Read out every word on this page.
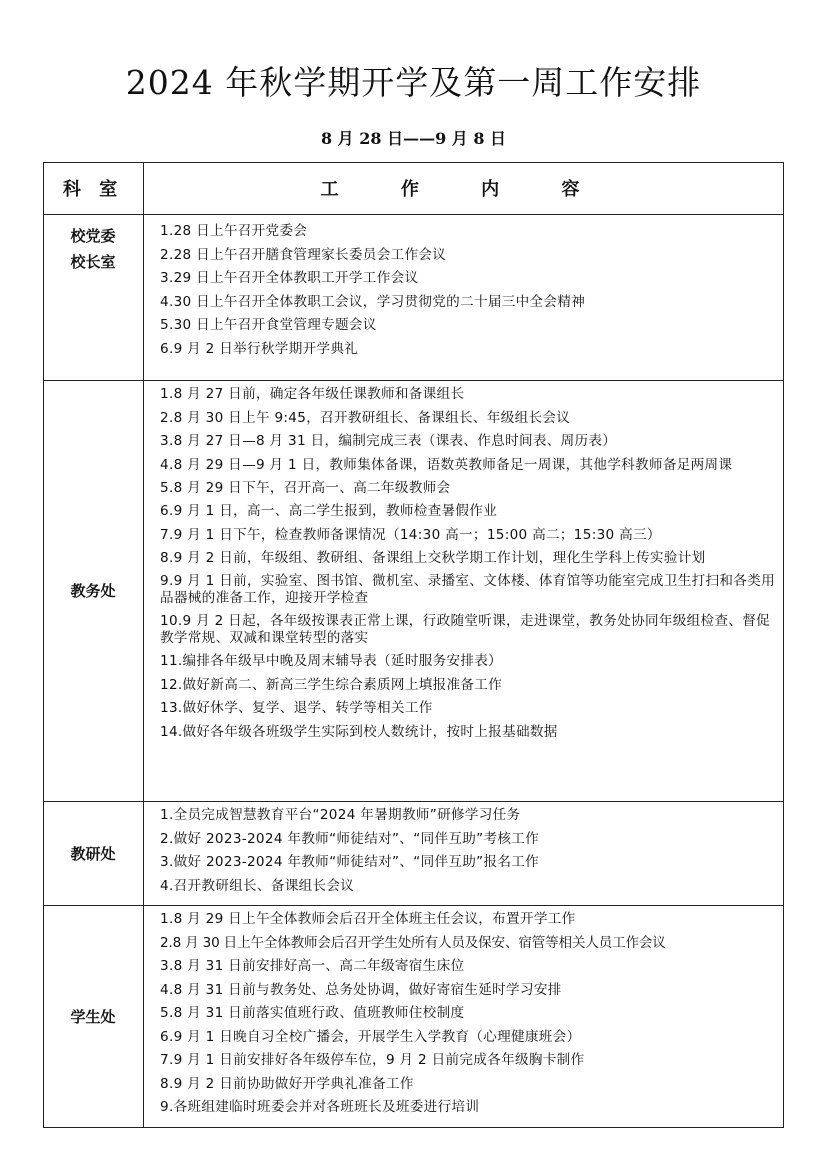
2024 年秋学期开学及第一周工作安排
8 月 28 日——9 月 8 日
科 室	工 作 内 容
校党委
校长室
1.28 日上午召开党委会
2.28 日上午召开膳食管理家长委员会工作会议
3.29 日上午召开全体教职工开学工作会议
4.30 日上午召开全体教职工会议，学习贯彻党的二十届三中全会精神
5.30 日上午召开食堂管理专题会议
6.9 月 2 日举行秋学期开学典礼
教务处
1.8 月 27 日前，确定各年级任课教师和备课组长
2.8 月 30 日上午 9:45，召开教研组长、备课组长、年级组长会议
3.8 月 27 日—8 月 31 日，编制完成三表（课表、作息时间表、周历表）
4.8 月 29 日—9 月 1 日，教师集体备课，语数英教师备足一周课，其他学科教师备足两周课
5.8 月 29 日下午，召开高一、高二年级教师会
6.9 月 1 日，高一、高二学生报到，教师检查暑假作业
7.9 月 1 日下午，检查教师备课情况（14:30 高一；15:00 高二；15:30 高三）
8.9 月 2 日前，年级组、教研组、备课组上交秋学期工作计划，理化生学科上传实验计划
9.9 月 1 日前，实验室、图书馆、微机室、录播室、文体楼、体育馆等功能室完成卫生打扫和各类用品器械的准备工作，迎接开学检查
10.9 月 2 日起，各年级按课表正常上课，行政随堂听课，走进课堂，教务处协同年级组检查、督促教学常规、双减和课堂转型的落实
11.编排各年级早中晚及周末辅导表（延时服务安排表）
12.做好新高二、新高三学生综合素质网上填报准备工作
13.做好休学、复学、退学、转学等相关工作
14.做好各年级各班级学生实际到校人数统计，按时上报基础数据
教研处
1.全员完成智慧教育平台“2024 年暑期教师”研修学习任务
2.做好 2023-2024 年教师“师徒结对”、“同伴互助”考核工作
3.做好 2023-2024 年教师“师徒结对”、“同伴互助”报名工作
4.召开教研组长、备课组长会议
学生处
1.8 月 29 日上午全体教师会后召开全体班主任会议，布置开学工作
2.8 月 30 日上午全体教师会后召开学生处所有人员及保安、宿管等相关人员工作会议
3.8 月 31 日前安排好高一、高二年级寄宿生床位
4.8 月 31 日前与教务处、总务处协调，做好寄宿生延时学习安排
5.8 月 31 日前落实值班行政、值班教师住校制度
6.9 月 1 日晚自习全校广播会，开展学生入学教育（心理健康班会）
7.9 月 1 日前安排好各年级停车位，9 月 2 日前完成各年级胸卡制作
8.9 月 2 日前协助做好开学典礼准备工作
9.各班组建临时班委会并对各班班长及班委进行培训
